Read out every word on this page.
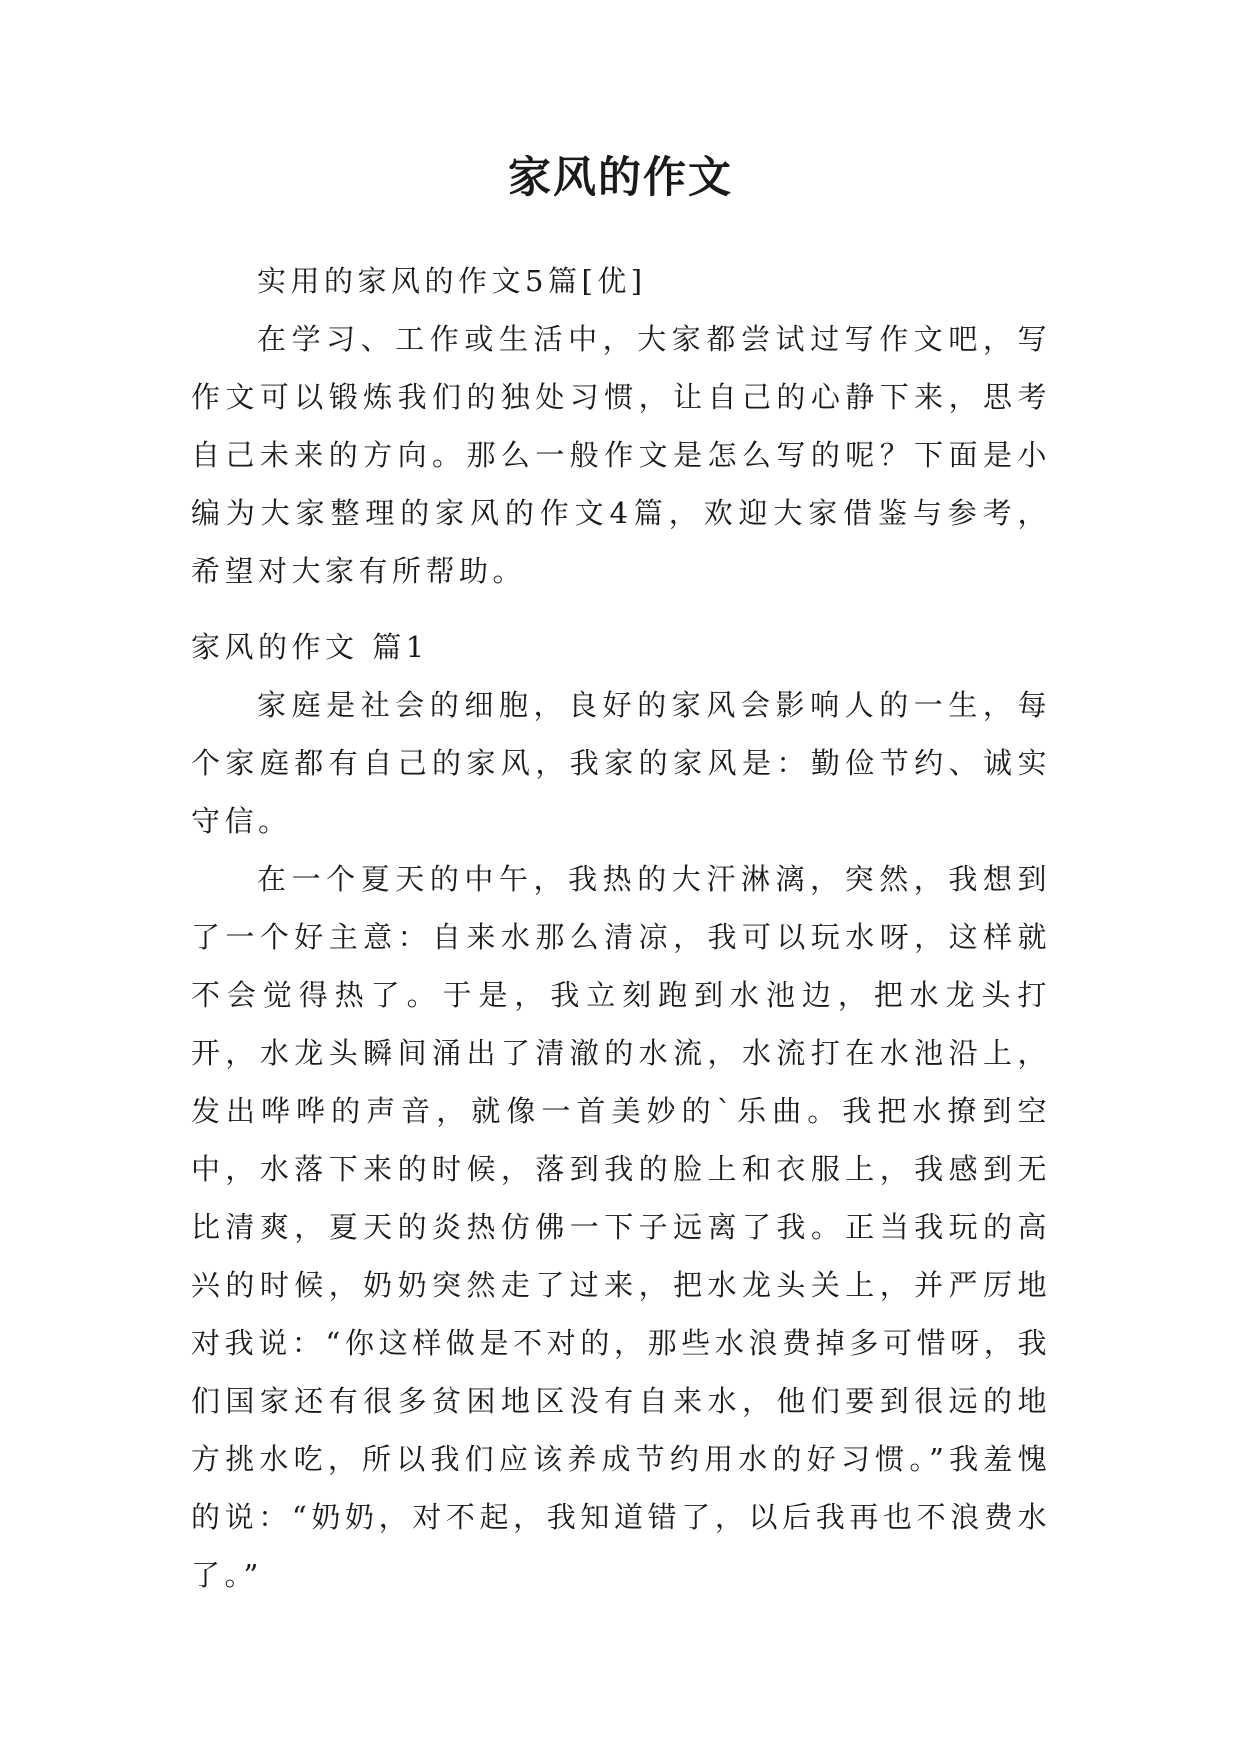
家风的作文

实用的家风的作文5篇[优]

在学习、工作或生活中，大家都尝试过写作文吧，写作文可以锻炼我们的独处习惯，让自己的心静下来，思考自己未来的方向。那么一般作文是怎么写的呢？下面是小编为大家整理的家风的作文4篇，欢迎大家借鉴与参考，希望对大家有所帮助。

家风的作文 篇1

家庭是社会的细胞，良好的家风会影响人的一生，每个家庭都有自己的家风，我家的家风是：勤俭节约、诚实守信。

在一个夏天的中午，我热的大汗淋漓，突然，我想到了一个好主意：自来水那么清凉，我可以玩水呀，这样就不会觉得热了。于是，我立刻跑到水池边，把水龙头打开，水龙头瞬间涌出了清澈的水流，水流打在水池沿上，发出哗哗的声音，就像一首美妙的`乐曲。我把水撩到空中，水落下来的时候，落到我的脸上和衣服上，我感到无比清爽，夏天的炎热仿佛一下子远离了我。正当我玩的高兴的时候，奶奶突然走了过来，把水龙头关上，并严厉地对我说：“你这样做是不对的，那些水浪费掉多可惜呀，我们国家还有很多贫困地区没有自来水，他们要到很远的地方挑水吃，所以我们应该养成节约用水的好习惯。”我羞愧的说：“奶奶，对不起，我知道错了，以后我再也不浪费水了。”
